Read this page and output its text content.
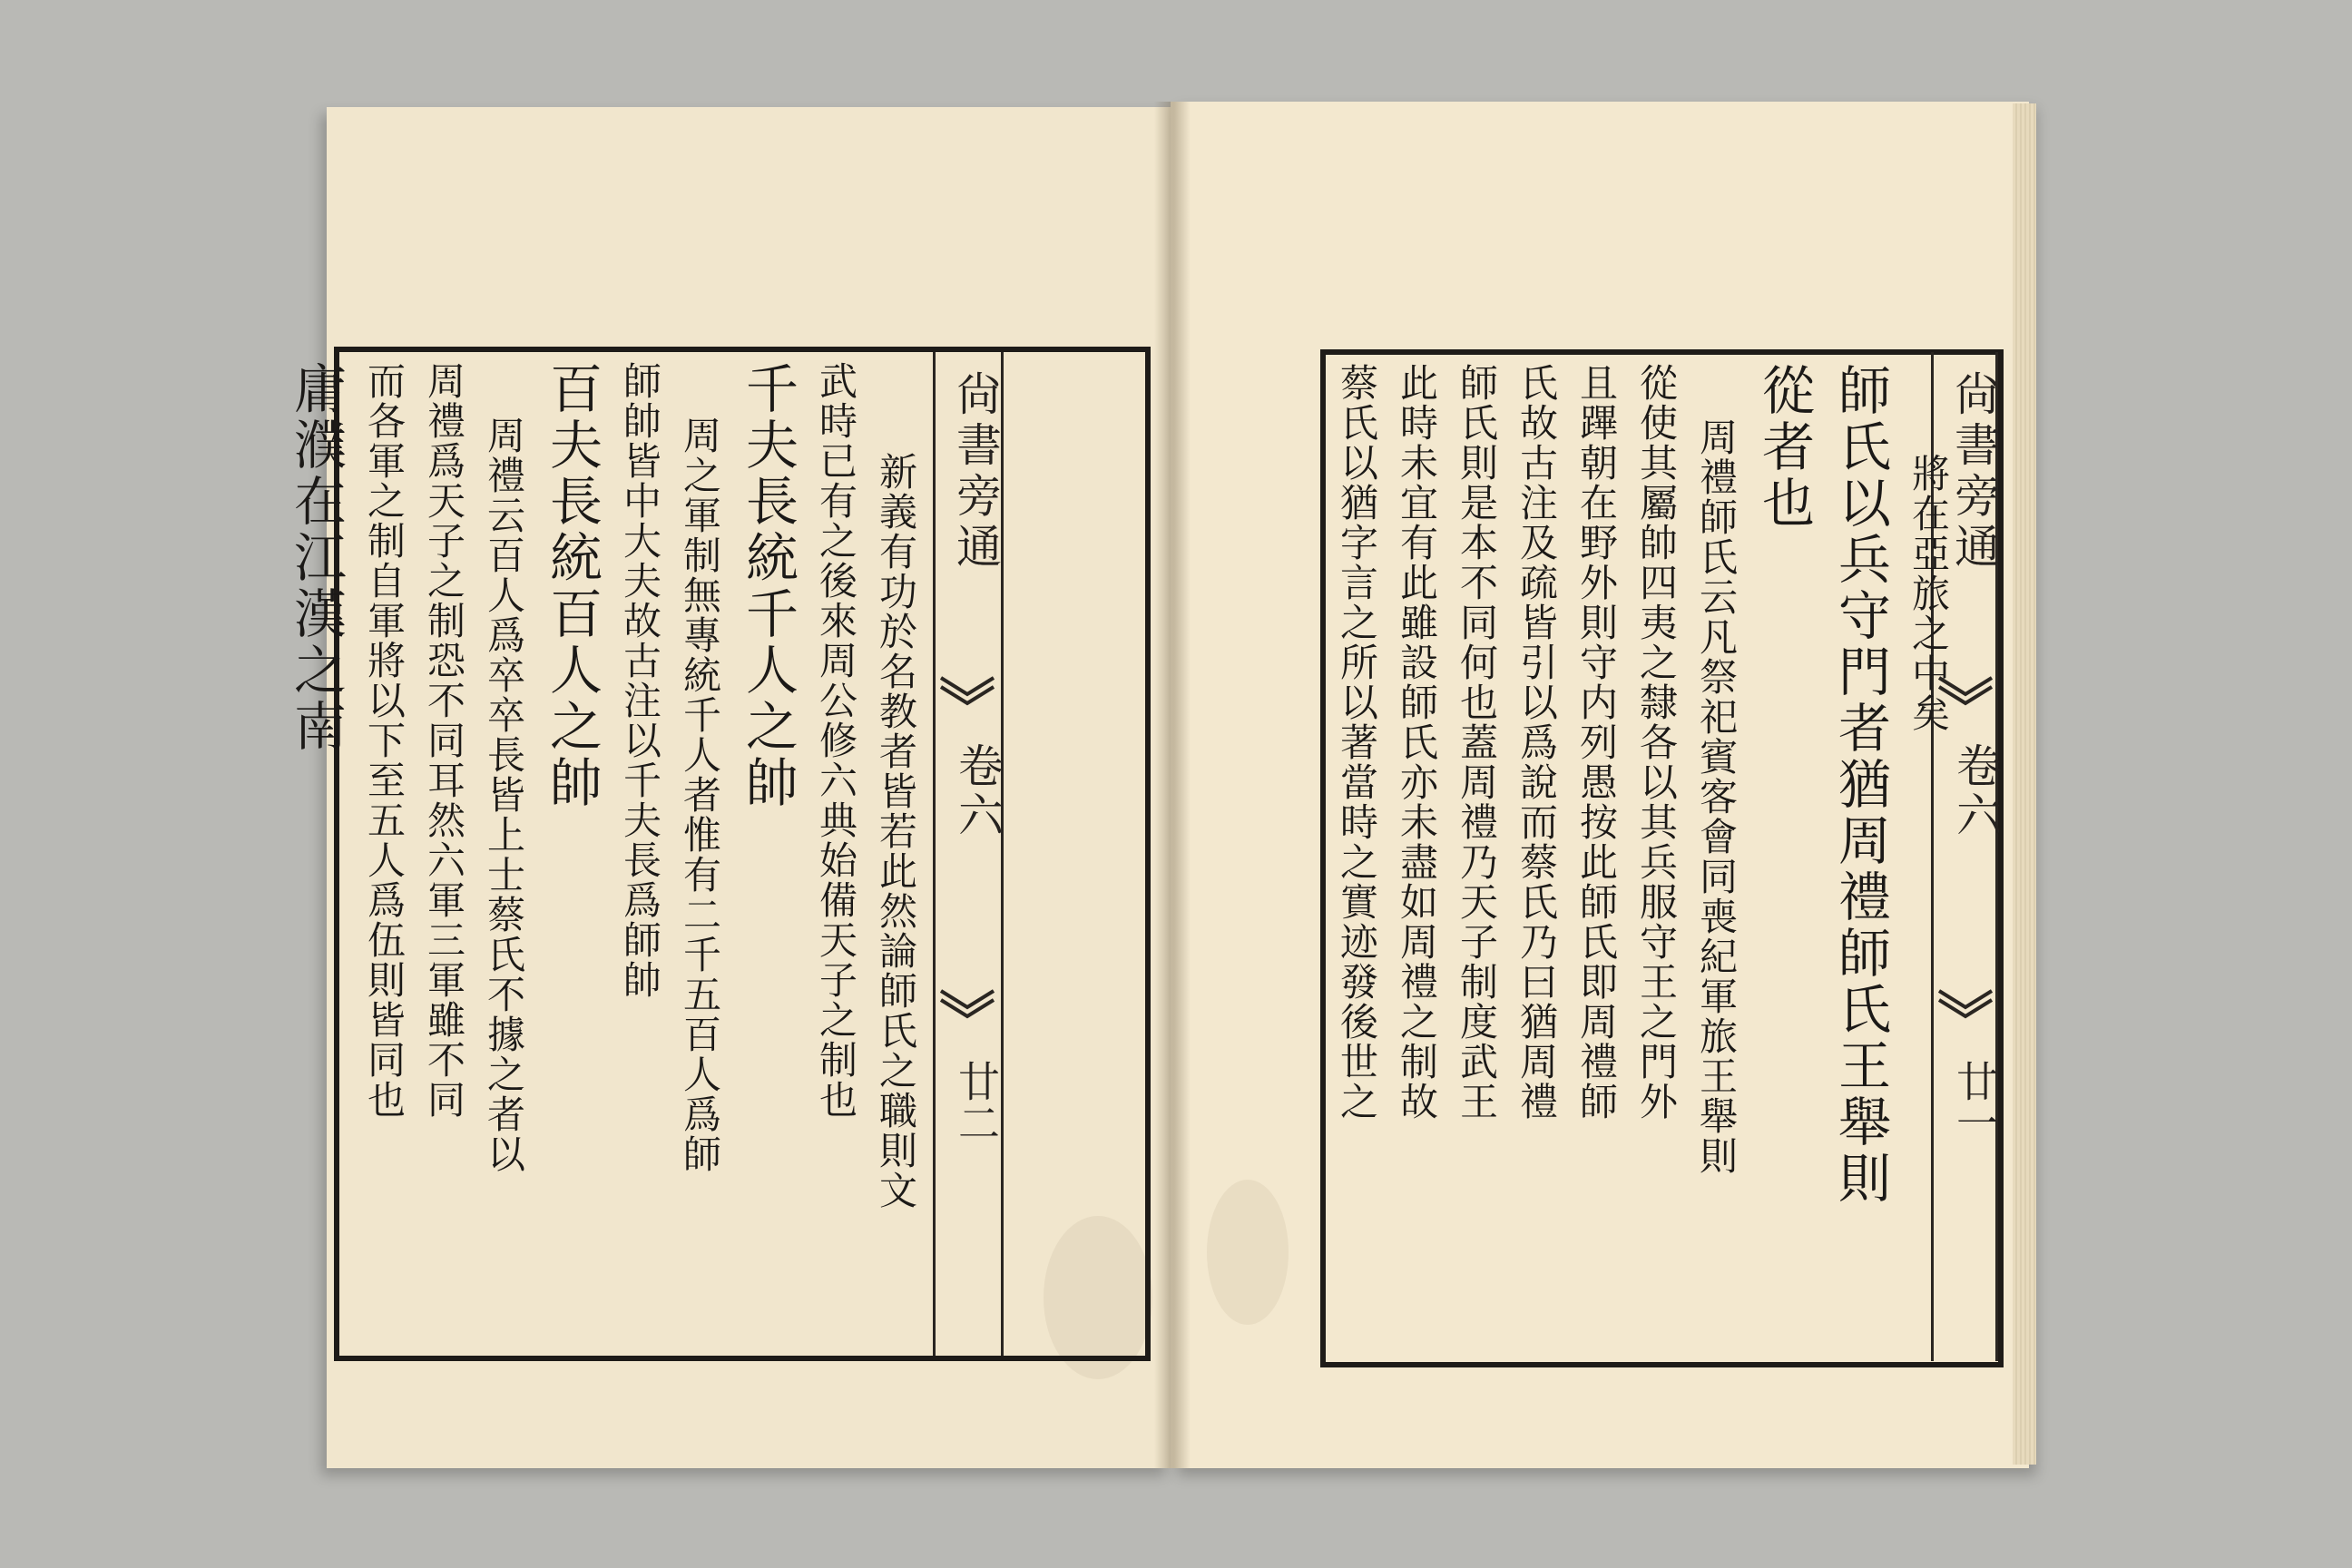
尙書旁通
卷六
廿二
新義有功於名教者皆若此然論師氏之職則文 武時已有之後來周公修六典始備天子之制也 千夫長統千人之帥 周之軍制無專統千人者惟有二千五百人爲師 師帥皆中大夫故古注以千夫長爲師帥 百夫長統百人之帥 周禮云百人爲卒卒長皆上士蔡氏不據之者以 周禮爲天子之制恐不同耳然六軍三軍雖不同 而各軍之制自軍將以下至五人爲伍則皆同也 庸濮在江漢之南	尙書旁通
卷六
廿一
將在亞旅之中矣 師氏以兵守門者猶周禮師氏王舉則 從者也 周禮師氏云凡祭祀賓客會同喪紀軍旅王舉則 從使其屬帥四夷之隸各以其兵服守王之門外 且蹕朝在野外則守内列愚按此師氏即周禮師 氏故古注及疏皆引以爲說而蔡氏乃曰猶周禮 師氏則是本不同何也蓋周禮乃天子制度武王 此時未宜有此雖設師氏亦未盡如周禮之制故 蔡氏以猶字言之所以著當時之實迹發後世之
